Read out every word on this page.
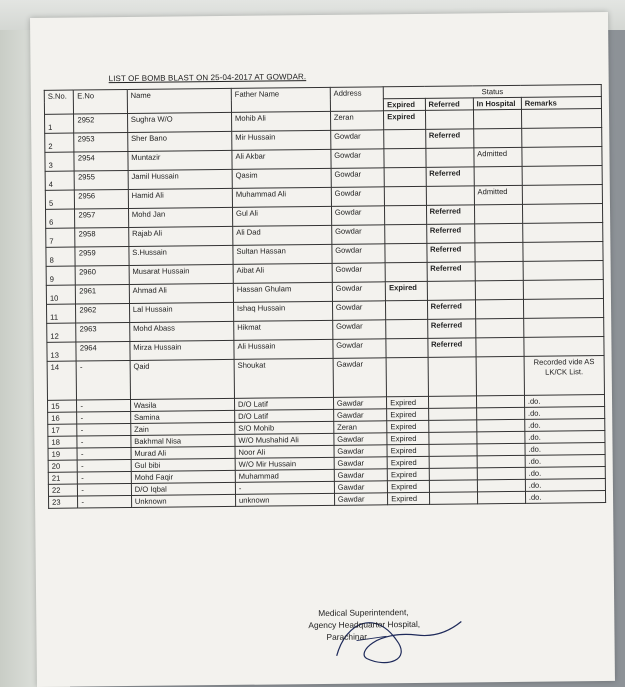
LIST OF BOMB BLAST ON 25-04-2017 AT GOWDAR.
S.No.	E.No	Name	Father Name	Address	Status			
					Expired	Referred	In Hospital	Remarks
1	2952	Sughra W/O	Mohib Ali	Zeran	Expired			
2	2953	Sher Bano	Mir Hussain	Gowdar		Referred		
3	2954	Muntazir	Ali Akbar	Gowdar			Admitted	
4	2955	Jamil Hussain	Qasim	Gowdar		Referred		
5	2956	Hamid Ali	Muhammad Ali	Gowdar			Admitted	
6	2957	Mohd Jan	Gul Ali	Gowdar		Referred		
7	2958	Rajab Ali	Ali Dad	Gowdar		Referred		
8	2959	S.Hussain	Sultan Hassan	Gowdar		Referred		
9	2960	Musarat Hussain	Aibat Ali	Gowdar		Referred		
10	2961	Ahmad Ali	Hassan Ghulam	Gowdar	Expired			
11	2962	Lal Hussain	Ishaq Hussain	Gowdar		Referred		
12	2963	Mohd Abass	Hikmat	Gowdar		Referred		
13	2964	Mirza Hussain	Ali Hussain	Gowdar		Referred		
14	-	Qaid	Shoukat	Gawdar				Recorded vide AS LK/CK List.
15	-	Wasila	D/O Latif	Gawdar	Expired			.do.
16	-	Samina	D/O Latif	Gawdar	Expired			.do.
17	-	Zain	S/O Mohib	Zeran	Expired			.do.
18	-	Bakhmal Nisa	W/O Mushahid Ali	Gawdar	Expired			.do.
19	-	Murad Ali	Noor Ali	Gawdar	Expired			.do.
20	-	Gul bibi	W/O Mir Hussain	Gawdar	Expired			.do.
21	-	Mohd Faqir	Muhammad	Gawdar	Expired			.do.
22	-	D/O Iqbal	-	Gawdar	Expired			.do.
23	-	Unknown	unknown	Gawdar	Expired			.do.
Medical Superintendent,
Agency Headquarter Hospital,
Parachinar.
